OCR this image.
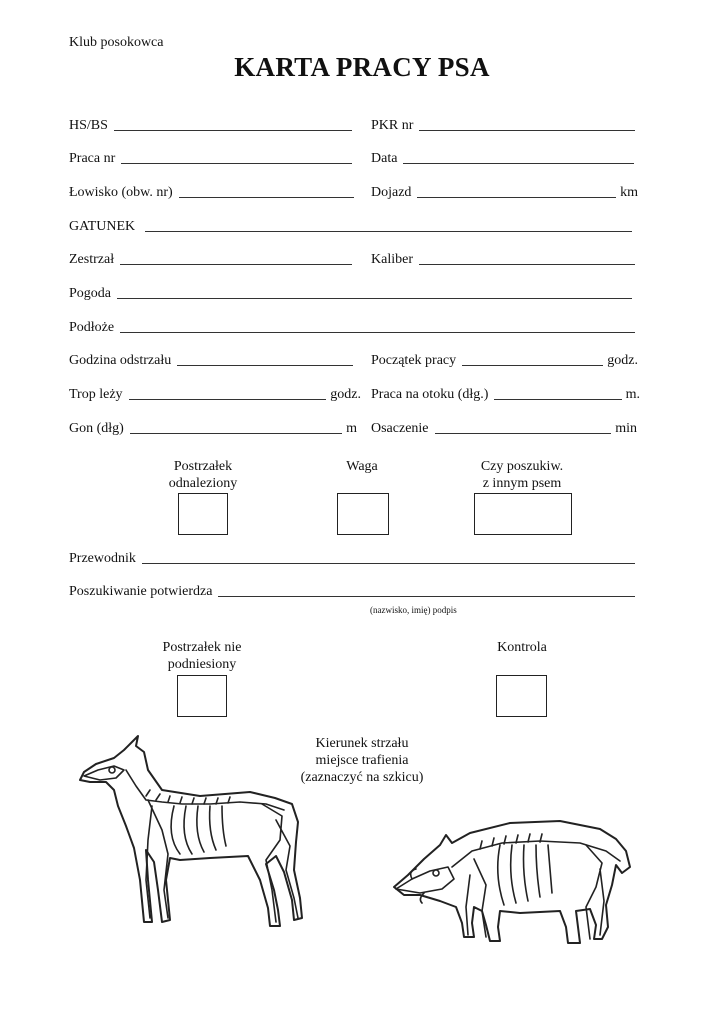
Klub posokowca
KARTA PRACY PSA
HS/BS	PKR nr
Praca nr	Data
Łowisko (obw. nr)	Dojazd	km
GATUNEK
Zestrzał	Kaliber
Pogoda
Podłoże
Godzina odstrzału	Początek pracy	godz.
Trop leży	godz. Praca na otoku (dłg.)	m.
Gon (dłg)	m Osaczenie	min
Postrzałek
odnaleziony
Waga	Czy poszukiw.
z innym psem
Przewodnik
Poszukiwanie potwierdza
(nazwisko, imię) podpis
Postrzałek nie
podniesiony
Kontrola
Kierunek strzału
miejsce trafienia
(zaznaczyć na szkicu)
